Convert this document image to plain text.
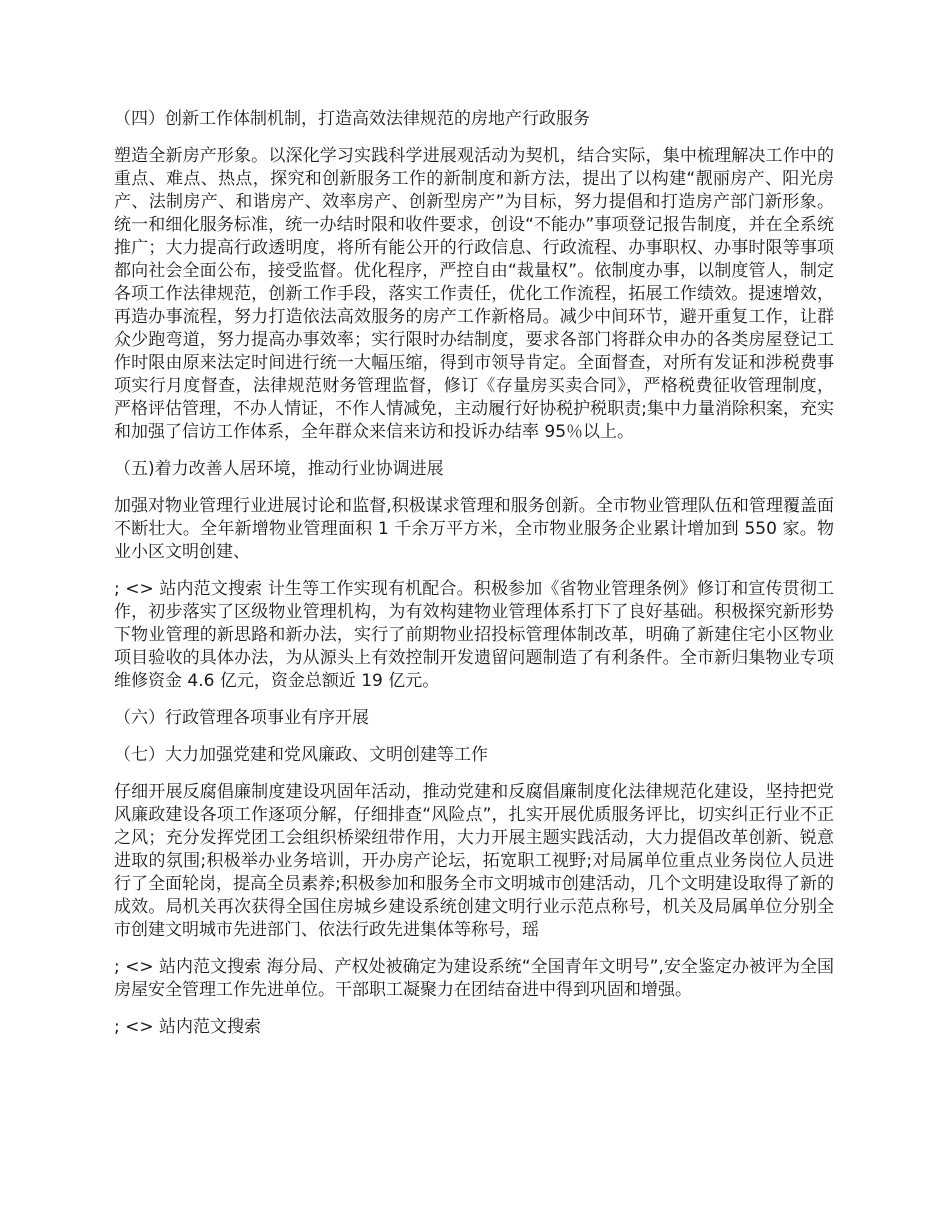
（四）创新工作体制机制，打造高效法律规范的房地产行政服务
塑造全新房产形象。以深化学习实践科学进展观活动为契机，结合实际，集中梳理解决工作中的重点、难点、热点，探究和创新服务工作的新制度和新方法，提出了以构建“靓丽房产、阳光房产、法制房产、和谐房产、效率房产、创新型房产”为目标，努力提倡和打造房产部门新形象。统一和细化服务标准，统一办结时限和收件要求，创设“不能办”事项登记报告制度，并在全系统推广；大力提高行政透明度，将所有能公开的行政信息、行政流程、办事职权、办事时限等事项都向社会全面公布，接受监督。优化程序，严控自由“裁量权”。依制度办事，以制度管人，制定各项工作法律规范，创新工作手段，落实工作责任，优化工作流程，拓展工作绩效。提速增效，再造办事流程，努力打造依法高效服务的房产工作新格局。减少中间环节，避开重复工作，让群众少跑弯道，努力提高办事效率；实行限时办结制度，要求各部门将群众申办的各类房屋登记工作时限由原来法定时间进行统一大幅压缩，得到市领导肯定。全面督查，对所有发证和涉税费事项实行月度督查，法律规范财务管理监督，修订《存量房买卖合同》，严格税费征收管理制度，严格评估管理，不办人情证，不作人情减免，主动履行好协税护税职责;集中力量消除积案，充实和加强了信访工作体系，全年群众来信来访和投诉办结率 95％以上。
（五)着力改善人居环境，推动行业协调进展
加强对物业管理行业进展讨论和监督,积极谋求管理和服务创新。全市物业管理队伍和管理覆盖面不断壮大。全年新增物业管理面积 1 千余万平方米，全市物业服务企业累计增加到 550 家。物业小区文明创建、
; <> 站内范文搜索 计生等工作实现有机配合。积极参加《省物业管理条例》修订和宣传贯彻工作，初步落实了区级物业管理机构，为有效构建物业管理体系打下了良好基础。积极探究新形势下物业管理的新思路和新办法，实行了前期物业招投标管理体制改革，明确了新建住宅小区物业项目验收的具体办法，为从源头上有效控制开发遗留问题制造了有利条件。全市新归集物业专项维修资金 4.6 亿元，资金总额近 19 亿元。
（六）行政管理各项事业有序开展
（七）大力加强党建和党风廉政、文明创建等工作
仔细开展反腐倡廉制度建设巩固年活动，推动党建和反腐倡廉制度化法律规范化建设，坚持把党风廉政建设各项工作逐项分解，仔细排查“风险点”，扎实开展优质服务评比，切实纠正行业不正之风；充分发挥党团工会组织桥梁纽带作用，大力开展主题实践活动，大力提倡改革创新、锐意进取的氛围;积极举办业务培训，开办房产论坛，拓宽职工视野;对局属单位重点业务岗位人员进行了全面轮岗，提高全员素养;积极参加和服务全市文明城市创建活动，几个文明建设取得了新的成效。局机关再次获得全国住房城乡建设系统创建文明行业示范点称号，机关及局属单位分别全市创建文明城市先进部门、依法行政先进集体等称号，瑶
; <> 站内范文搜索 海分局、产权处被确定为建设系统“全国青年文明号”,安全鉴定办被评为全国房屋安全管理工作先进单位。干部职工凝聚力在团结奋进中得到巩固和增强。
; <> 站内范文搜索
